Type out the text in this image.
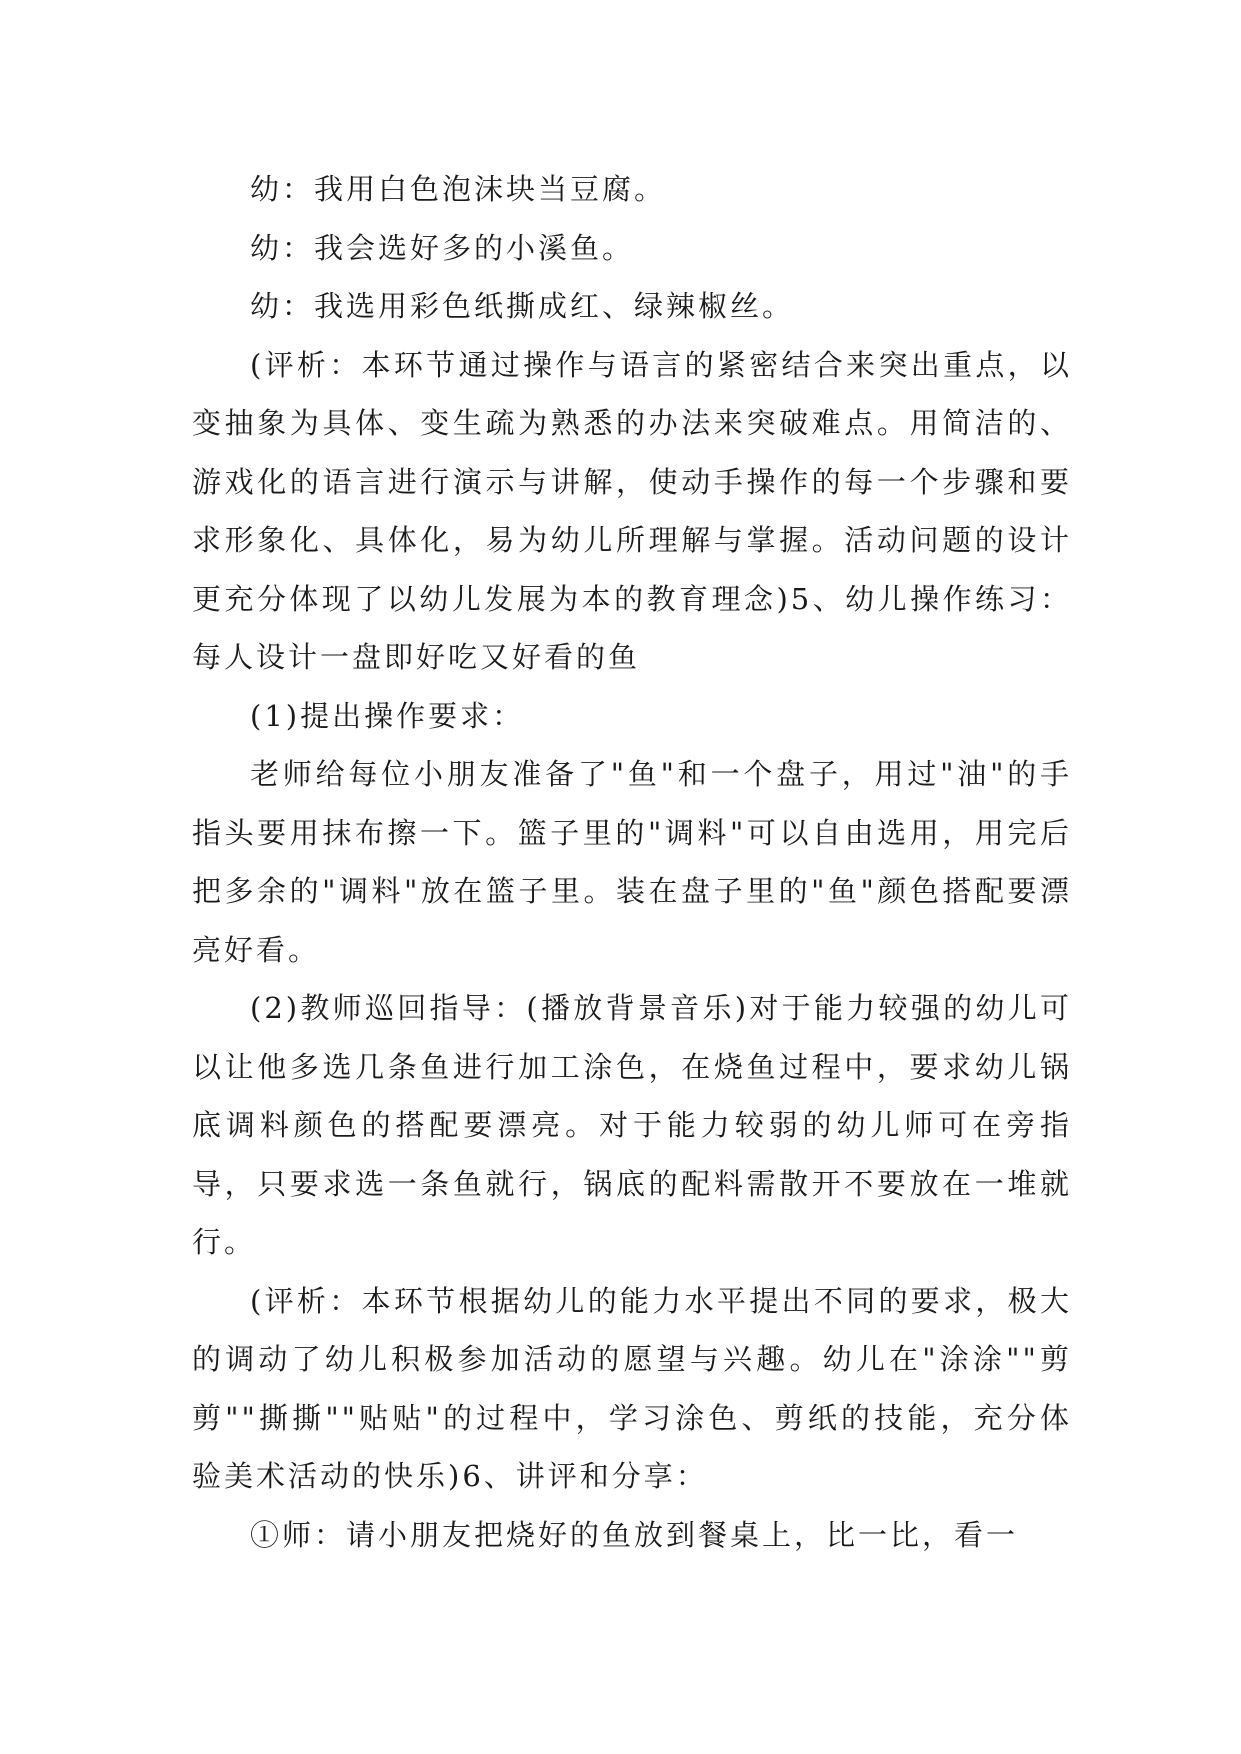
幼：我用白色泡沫块当豆腐。

幼：我会选好多的小溪鱼。

幼：我选用彩色纸撕成红、绿辣椒丝。

(评析：本环节通过操作与语言的紧密结合来突出重点，以变抽象为具体、变生疏为熟悉的办法来突破难点。用简洁的、游戏化的语言进行演示与讲解，使动手操作的每一个步骤和要求形象化、具体化，易为幼儿所理解与掌握。活动问题的设计更充分体现了以幼儿发展为本的教育理念)5、幼儿操作练习：每人设计一盘即好吃又好看的鱼

(1)提出操作要求：

老师给每位小朋友准备了"鱼"和一个盘子，用过"油"的手指头要用抹布擦一下。篮子里的"调料"可以自由选用，用完后把多余的"调料"放在篮子里。装在盘子里的"鱼"颜色搭配要漂亮好看。

(2)教师巡回指导：(播放背景音乐)对于能力较强的幼儿可以让他多选几条鱼进行加工涂色，在烧鱼过程中，要求幼儿锅底调料颜色的搭配要漂亮。对于能力较弱的幼儿师可在旁指导，只要求选一条鱼就行，锅底的配料需散开不要放在一堆就行。

(评析：本环节根据幼儿的能力水平提出不同的要求，极大的调动了幼儿积极参加活动的愿望与兴趣。幼儿在"涂涂""剪剪""撕撕""贴贴"的过程中，学习涂色、剪纸的技能，充分体验美术活动的快乐)6、讲评和分享：

①师：请小朋友把烧好的鱼放到餐桌上，比一比，看一
